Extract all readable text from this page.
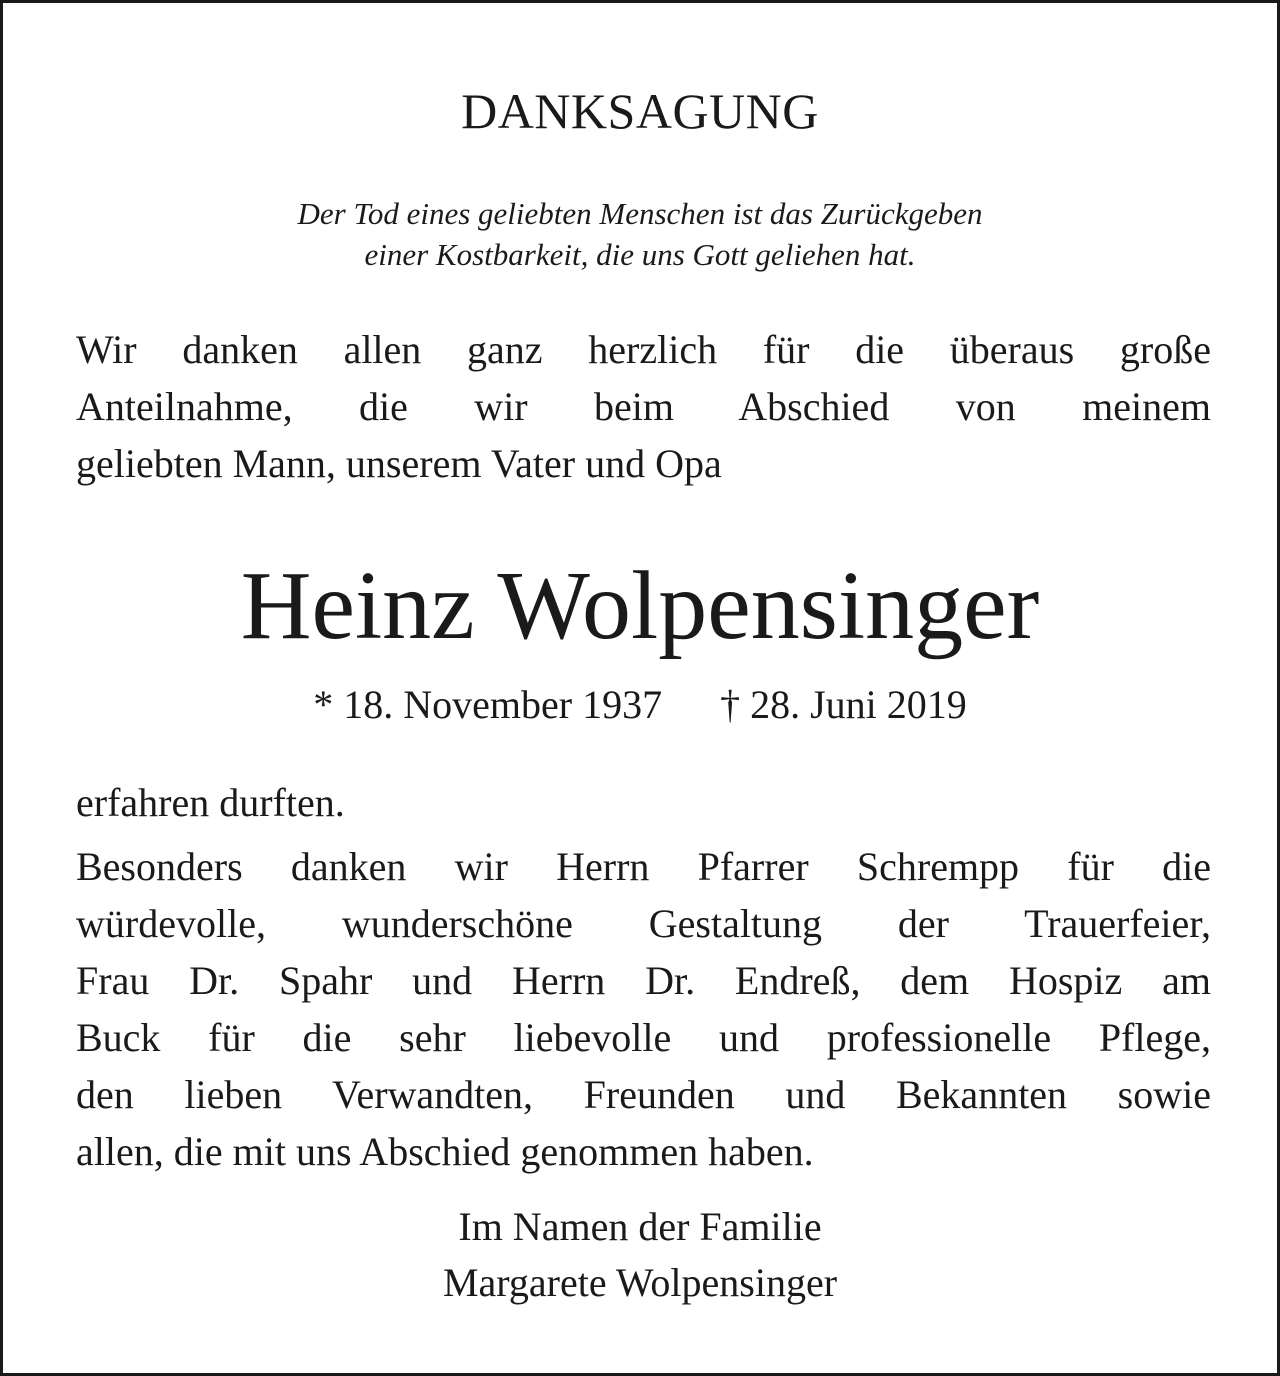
DANKSAGUNG
Der Tod eines geliebten Menschen ist das Zurückgeben
einer Kostbarkeit, die uns Gott geliehen hat.
Wir danken allen ganz herzlich für die überaus große
Anteilnahme, die wir beim Abschied von meinem
geliebten Mann, unserem Vater und Opa
Heinz Wolpensinger
* 18. November 1937 † 28. Juni 2019
erfahren durften.
Besonders danken wir Herrn Pfarrer Schrempp für die
würdevolle, wunderschöne Gestaltung der Trauerfeier,
Frau Dr. Spahr und Herrn Dr. Endreß, dem Hospiz am
Buck für die sehr liebevolle und professionelle Pflege,
den lieben Verwandten, Freunden und Bekannten sowie
allen, die mit uns Abschied genommen haben.
Im Namen der Familie
Margarete Wolpensinger
